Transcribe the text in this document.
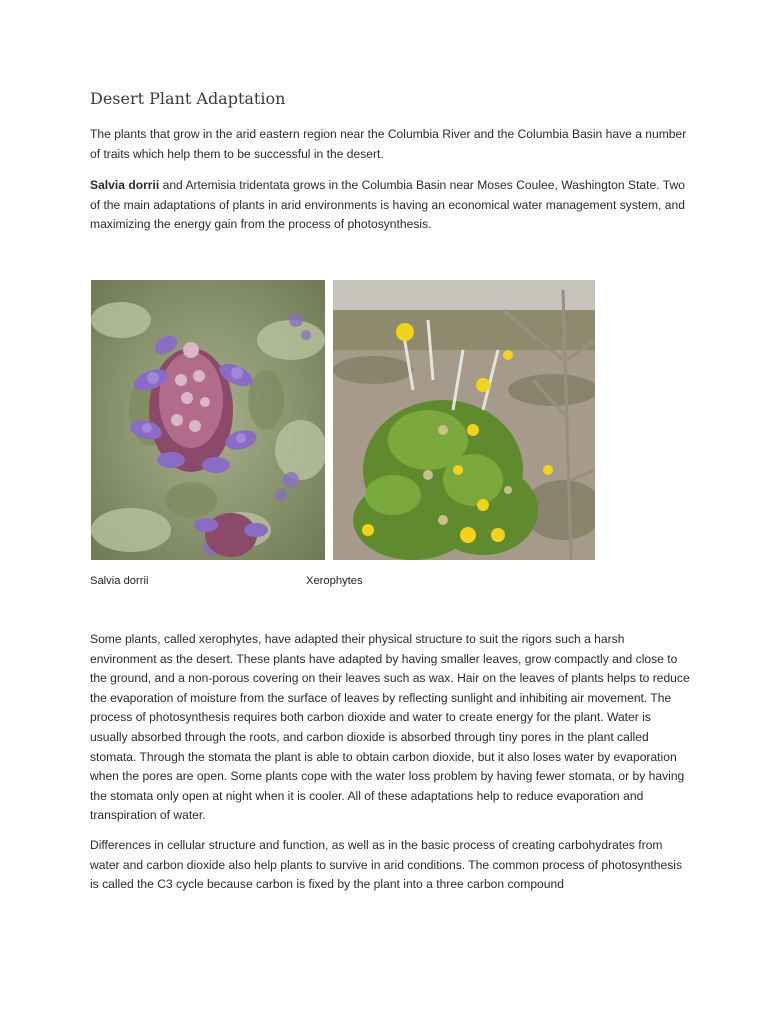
Desert Plant Adaptation

The plants that grow in the arid eastern region near the Columbia River and the Columbia Basin have a number of traits which help them to be successful in the desert.

Salvia dorrii and Artemisia tridentata grows in the Columbia Basin near Moses Coulee, Washington State. Two of the main adaptations of plants in arid environments is having an economical water management system, and maximizing the energy gain from the process of photosynthesis.

Salvia dorrii	Xerophytes

Some plants, called xerophytes, have adapted their physical structure to suit the rigors such a harsh environment as the desert. These plants have adapted by having smaller leaves, grow compactly and close to the ground, and a non-porous covering on their leaves such as wax. Hair on the leaves of plants helps to reduce the evaporation of moisture from the surface of leaves by reflecting sunlight and inhibiting air movement. The process of photosynthesis requires both carbon dioxide and water to create energy for the plant. Water is usually absorbed through the roots, and carbon dioxide is absorbed through tiny pores in the plant called stomata. Through the stomata the plant is able to obtain carbon dioxide, but it also loses water by evaporation when the pores are open. Some plants cope with the water loss problem by having fewer stomata, or by having the stomata only open at night when it is cooler. All of these adaptations help to reduce evaporation and transpiration of water.

Differences in cellular structure and function, as well as in the basic process of creating carbohydrates from water and carbon dioxide also help plants to survive in arid conditions. The common process of photosynthesis is called the C3 cycle because carbon is fixed by the plant into a three carbon compound
